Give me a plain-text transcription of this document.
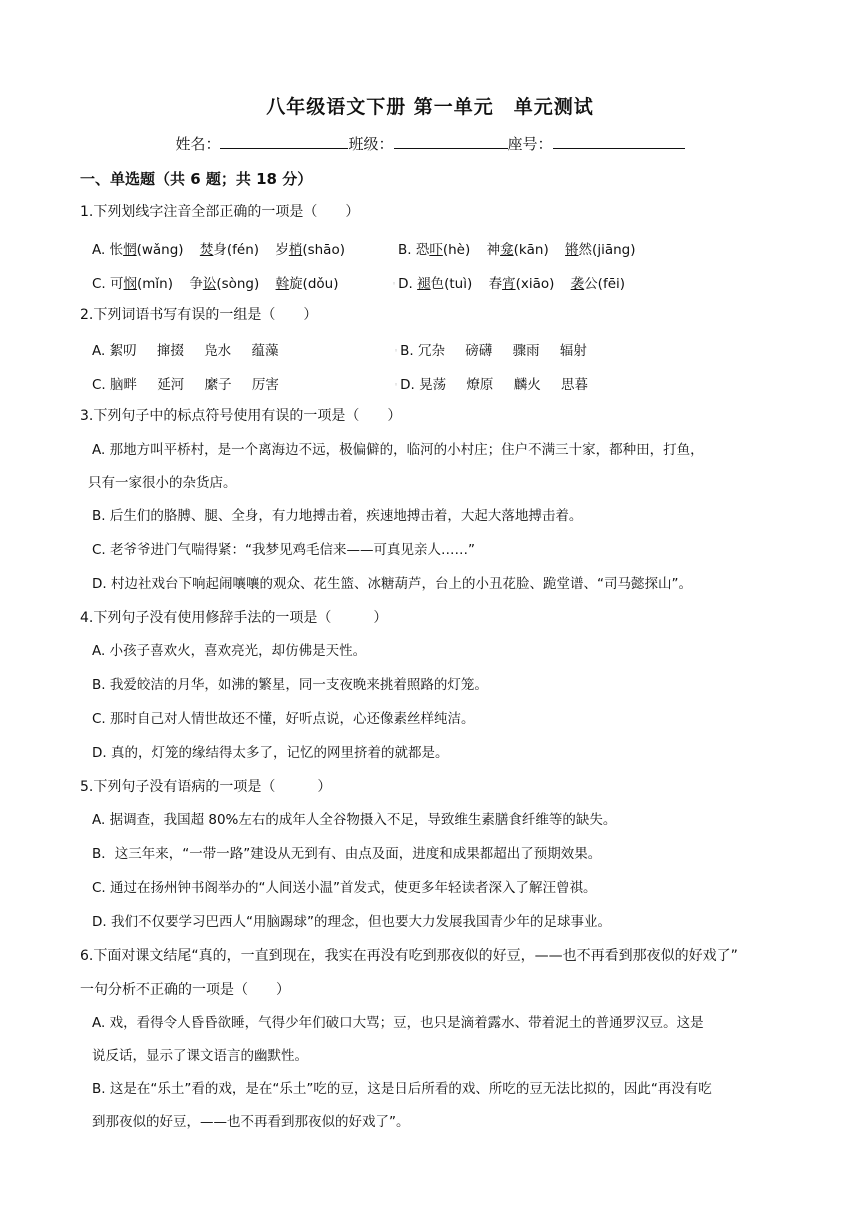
八年级语文下册 第一单元　单元测试
姓名：	班级：	座号：
一、单选题（共 6 题；共 18 分）
1.下列划线字注音全部正确的一项是（　　）
A. 怅惘(wǎng) 焚身(fén) 岁梢(shāo)	B. 恐吓(hè) 神龛(kān) 锵然(jiāng)
C. 可悯(mǐn) 争讼(sòng) 斡旋(dǒu)	◦ D. 褪色(tuì) 春宵(xiāo) 袭公(fēi)
2.下列词语书写有误的一组是（　　）
A. 絮叨 撺掇 凫水 蕴藻	◦ B. 冗杂 磅礴 骤雨 辐射
C. 脑畔 延河 縻子 厉害	◦ D. 晃荡 燎原 麟火 思暮
3.下列句子中的标点符号使用有误的一项是（　　）
A. 那地方叫平桥村，是一个离海边不远，极偏僻的，临河的小村庄；住户不满三十家，都种田，打鱼，
只有一家很小的杂货店。
B. 后生们的胳膊、腿、全身，有力地搏击着，疾速地搏击着，大起大落地搏击着。
C. 老爷爷进门气喘得紧：“我梦见鸡毛信来——可真见亲人……”
D. 村边社戏台下响起闹嚷嚷的观众、花生篮、冰糖葫芦，台上的小丑花脸、跪堂谱、“司马懿探山”。
4.下列句子没有使用修辞手法的一项是（　　　）
A. 小孩子喜欢火，喜欢亮光，却仿佛是天性。
B. 我爱皎洁的月华，如沸的繁星，同一支夜晚来挑着照路的灯笼。
C. 那时自己对人情世故还不懂，好听点说，心还像素丝样纯洁。
D. 真的，灯笼的缘结得太多了，记忆的网里挤着的就都是。
5.下列句子没有语病的一项是（　　　）
A. 据调查，我国超 80%左右的成年人全谷物摄入不足，导致维生素膳食纤维等的缺失。
B．这三年来，“一带一路”建设从无到有、由点及面，进度和成果都超出了预期效果。
C. 通过在扬州钟书阁举办的“人间送小温”首发式，使更多年轻读者深入了解汪曾祺。
D. 我们不仅要学习巴西人“用脑踢球”的理念，但也要大力发展我国青少年的足球事业。
6.下面对课文结尾“真的，一直到现在，我实在再没有吃到那夜似的好豆，——也不再看到那夜似的好戏了”
一句分析不正确的一项是（　　）
A. 戏，看得令人昏昏欲睡，气得少年们破口大骂；豆，也只是滴着露水、带着泥土的普通罗汉豆。这是
说反话，显示了课文语言的幽默性。
B. 这是在“乐土”看的戏，是在“乐土”吃的豆，这是日后所看的戏、所吃的豆无法比拟的，因此“再没有吃
到那夜似的好豆，——也不再看到那夜似的好戏了”。
